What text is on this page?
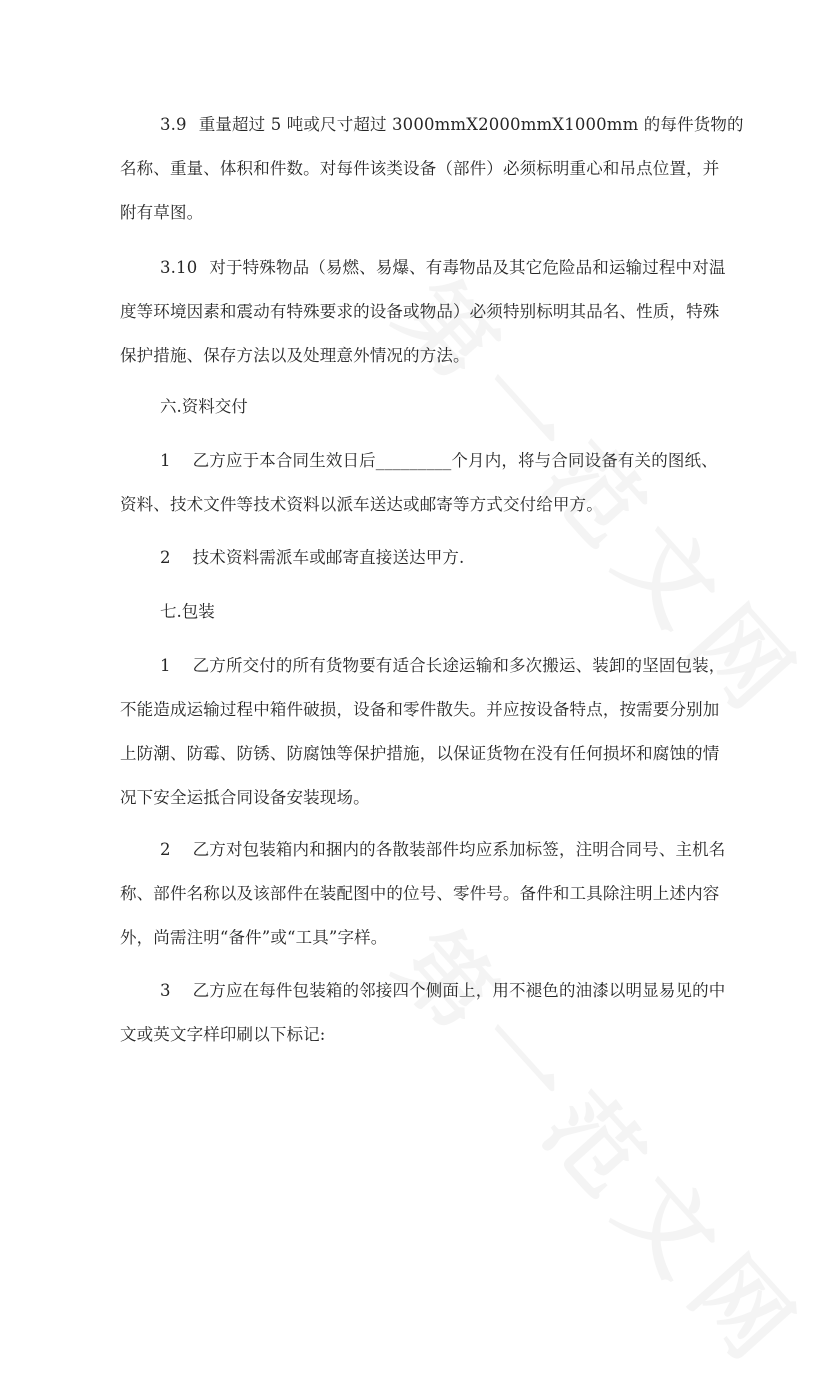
3.9 重量超过 5 吨或尺寸超过 3000mmX2000mmX1000mm 的每件货物的
名称、重量、体积和件数。对每件该类设备（部件）必须标明重心和吊点位置，并
附有草图。
3.10 对于特殊物品（易燃、易爆、有毒物品及其它危险品和运输过程中对温
度等环境因素和震动有特殊要求的设备或物品）必须特别标明其品名、性质，特殊
保护措施、保存方法以及处理意外情况的方法。
六.资料交付
1 乙方应于本合同生效日后_________个月内，将与合同设备有关的图纸、
资料、技术文件等技术资料以派车送达或邮寄等方式交付给甲方。
2 技术资料需派车或邮寄直接送达甲方.
七.包装
1 乙方所交付的所有货物要有适合长途运输和多次搬运、装卸的坚固包装，
不能造成运输过程中箱件破损，设备和零件散失。并应按设备特点，按需要分别加
上防潮、防霉、防锈、防腐蚀等保护措施，以保证货物在没有任何损坏和腐蚀的情
况下安全运抵合同设备安装现场。
2 乙方对包装箱内和捆内的各散装部件均应系加标签，注明合同号、主机名
称、部件名称以及该部件在装配图中的位号、零件号。备件和工具除注明上述内容
外，尚需注明“备件”或“工具”字样。
3 乙方应在每件包装箱的邻接四个侧面上，用不褪色的油漆以明显易见的中
文或英文字样印刷以下标记:
